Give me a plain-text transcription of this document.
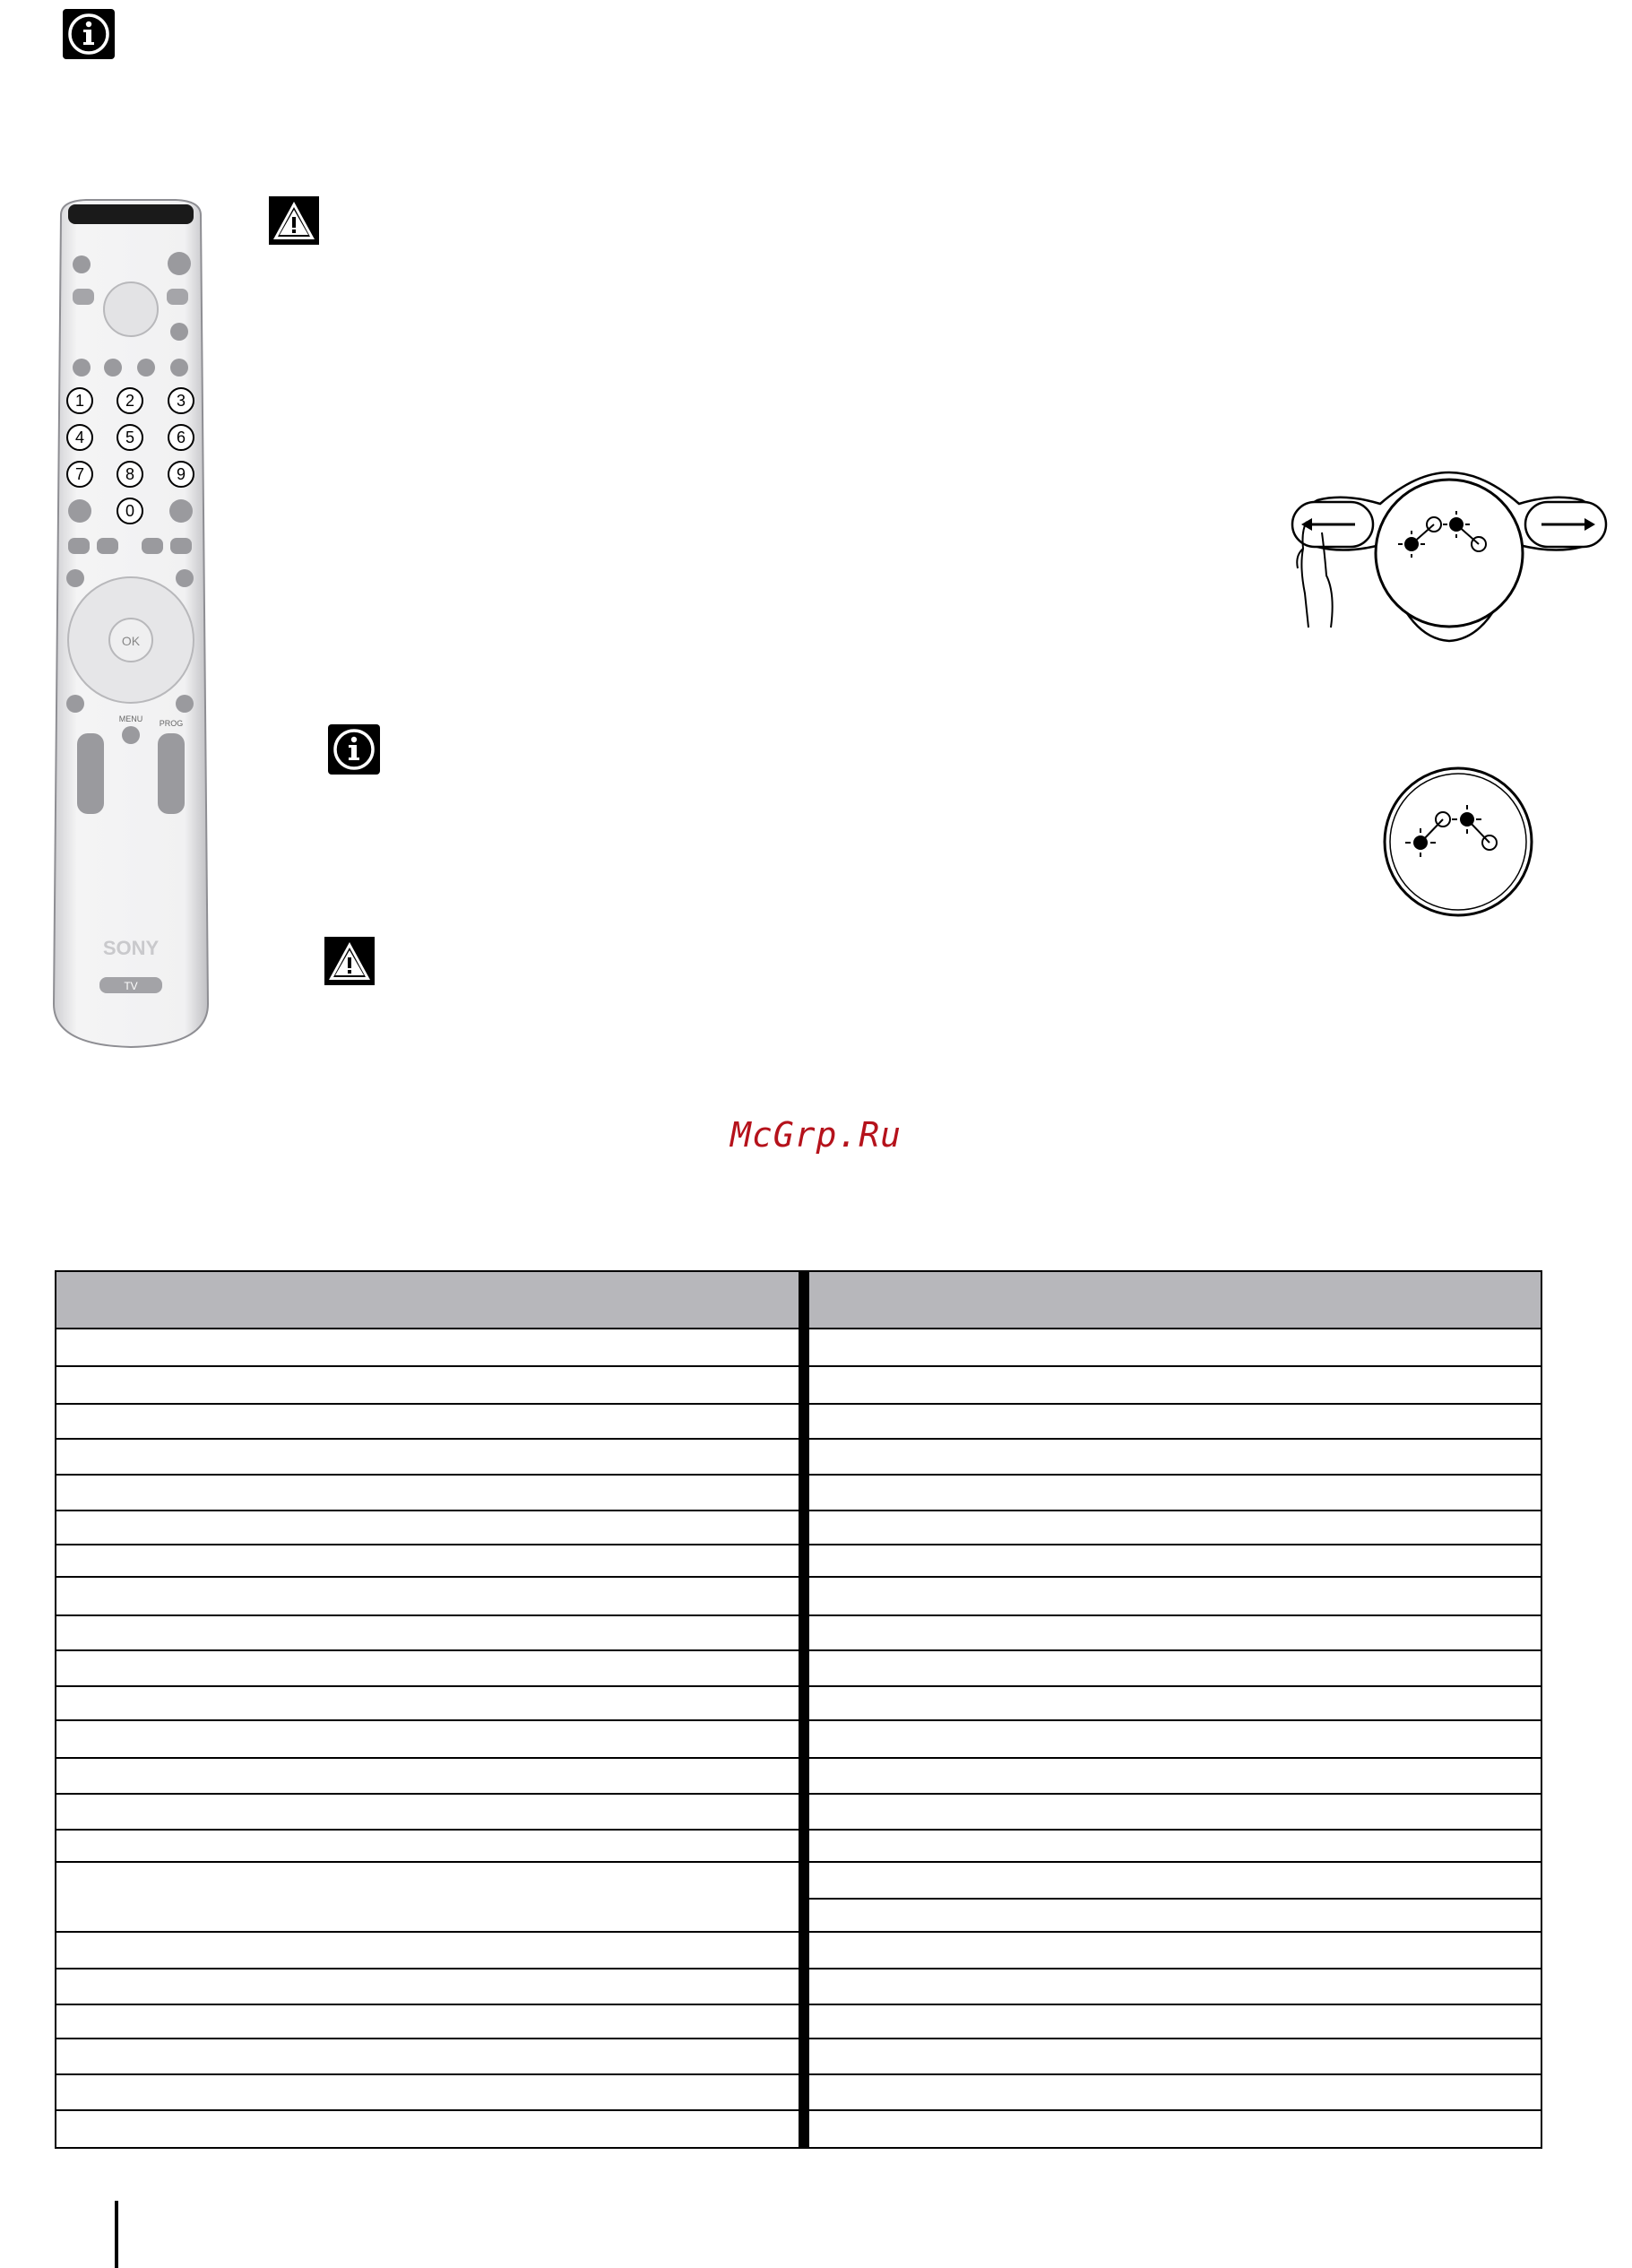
1	2	3
4	5	6
7	8	9
0
OK
MENU PROG
SONY
TV
McGrp.Ru
